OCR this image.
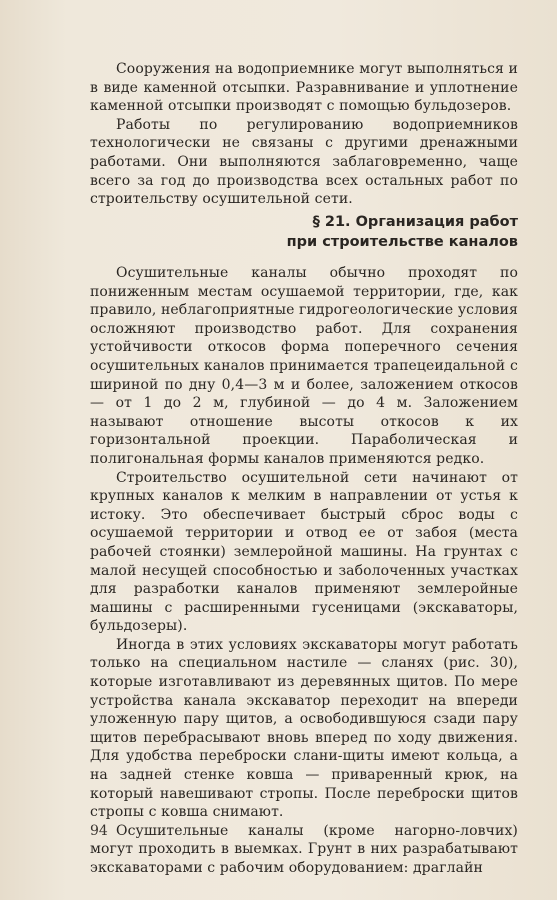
Сооружения на водоприемнике могут выполняться и в виде каменной отсыпки. Разравнивание и уплотнение каменной отсыпки производят с помощью бульдозеров.

Работы по регулированию водоприемников технологически не связаны с другими дренажными работами. Они выполняются заблаговременно, чаще всего за год до производства всех остальных работ по строительству осушительной сети.

§ 21. Организация работ
при строительстве каналов

Осушительные каналы обычно проходят по пониженным местам осушаемой территории, где, как правило, неблагоприятные гидрогеологические условия осложняют производство работ. Для сохранения устойчивости откосов форма поперечного сечения осушительных каналов принимается трапецеидальной с шириной по дну 0,4—3 м и более, заложением откосов — от 1 до 2 м, глубиной — до 4 м. Заложением называют отношение высоты откосов к их горизонтальной проекции. Параболическая и полигональная формы каналов применяются редко.

Строительство осушительной сети начинают от крупных каналов к мелким в направлении от устья к истоку. Это обеспечивает быстрый сброс воды с осушаемой территории и отвод ее от забоя (места рабочей стоянки) землеройной машины. На грунтах с малой несущей способностью и заболоченных участках для разработки каналов применяют землеройные машины с расширенными гусеницами (экскаваторы, бульдозеры).

Иногда в этих условиях экскаваторы могут работать только на специальном настиле — сланях (рис. 30), которые изготавливают из деревянных щитов. По мере устройства канала экскаватор переходит на впереди уложенную пару щитов, а освободившуюся сзади пару щитов перебрасывают вновь вперед по ходу движения. Для удобства переброски слани-щиты имеют кольца, а на задней стенке ковша — приваренный крюк, на который навешивают стропы. После переброски щитов стропы с ковша снимают.

Осушительные каналы (кроме нагорно-ловчих) могут проходить в выемках. Грунт в них разрабатывают экскаваторами с рабочим оборудованием: драглайн

94
